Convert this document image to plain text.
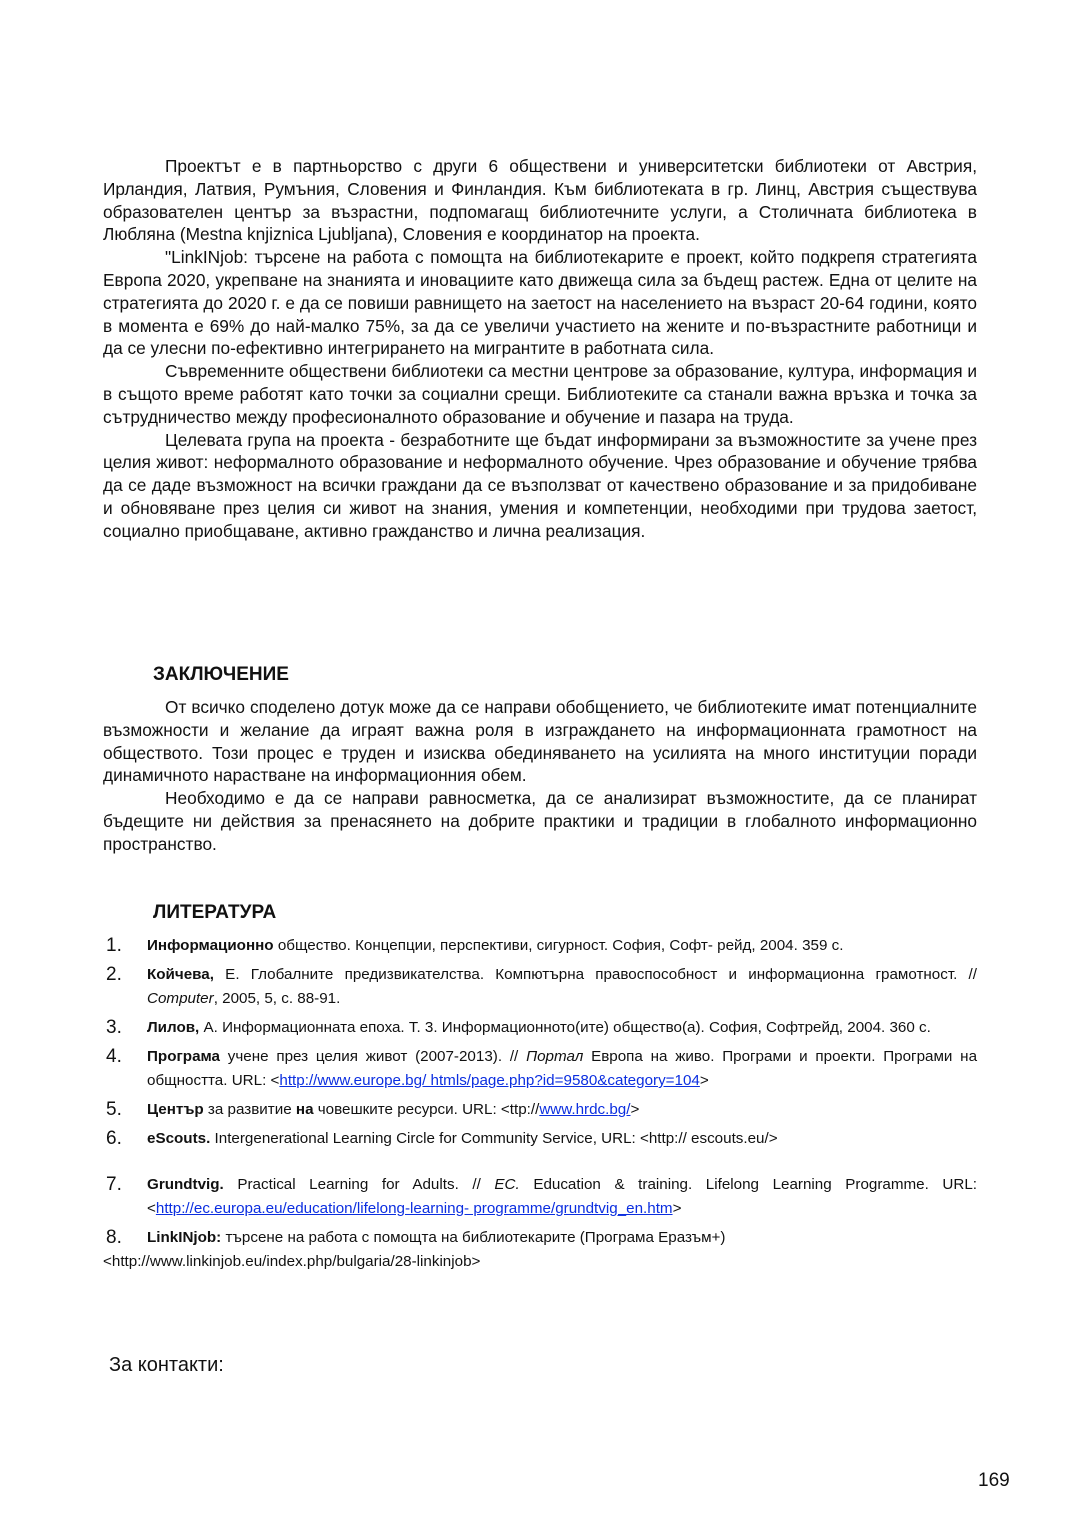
Проектът е в партньорство с други 6 обществени и университетски библиотеки от Австрия, Ирландия, Латвия, Румъния, Словения и Финландия. Към библиотеката в гр. Линц, Австрия съществува образователен център за възрастни, подпомагащ библиотечните услуги, а Столичната библиотека в Любляна (Mestna knjiznica Ljubljana), Словения е координатор на проекта.

"LinkINjob: търсене на работа с помощта на библиотекарите е проект, който подкрепя стратегията Европа 2020, укрепване на знанията и иновациите като движеща сила за бъдещ растеж. Една от целите на стратегията до 2020 г. е да се повиши равнището на заетост на населението на възраст 20-64 години, която в момента е 69% до най-малко 75%, за да се увеличи участието на жените и по-възрастните работници и да се улесни по-ефективно интегрирането на мигрантите в работната сила.

Съвременните обществени библиотеки са местни центрове за образование, култура, информация и в същото време работят като точки за социални срещи. Библиотеките са станали важна връзка и точка за сътрудничество между професионалното образование и обучение и пазара на труда.

Целевата група на проекта - безработните ще бъдат информирани за възможностите за учене през целия живот: неформалното образование и неформалното обучение. Чрез образование и обучение трябва да се даде възможност на всички граждани да се възползват от качествено образование и за придобиване и обновяване през целия си живот на знания, умения и компетенции, необходими при трудова заетост, социално приобщаване, активно гражданство и лична реализация.

ЗАКЛЮЧЕНИЕ

От всичко споделено дотук може да се направи обобщението, че библиотеките имат потенциалните възможности и желание да играят важна роля в изграждането на информационната грамотност на обществото. Този процес е труден и изисква обединяването на усилията на много институции поради динамичното нарастване на информационния обем.

Необходимо е да се направи равносметка, да се анализират възможностите, да се планират бъдещите ни действия за пренасянето на добрите практики и традиции в глобалното информационно пространство.

ЛИТЕРАТУРА
1. Информационно общество. Концепции, перспективи, сигурност. София, Софт- рейд, 2004. 359 с.
2. Койчева, Е. Глобалните предизвикателства. Компютърна правоспособност и информационна грамотност. // Computer, 2005, 5, с. 88-91.
3. Лилов, А. Информационната епоха. Т. 3. Информационното(ите) общество(а). София, Софтрейд, 2004. 360 с.
4. Програма учене през целия живот (2007-2013). // Портал Европа на живо. Програми и проекти. Програми на общността. URL: <http://www.europe.bg/ htmls/page.php?id=9580&category=104>
5. Център за развитие на човешките ресурси. URL: <ttp://www.hrdc.bg/>
6. eScouts. Intergenerational Learning Circle for Community Service, URL: <http:// escouts.eu/>
7. Grundtvig. Practical Learning for Adults. // EC. Education & training. Lifelong Learning Programme. URL: <http://ec.europa.eu/education/lifelong-learning- programme/grundtvig_en.htm>
8. LinkINjob: търсене на работа с помощта на библиотекарите (Програма Еразъм+)
<http://www.linkinjob.eu/index.php/bulgaria/28-linkinjob>
За контакти:
169
